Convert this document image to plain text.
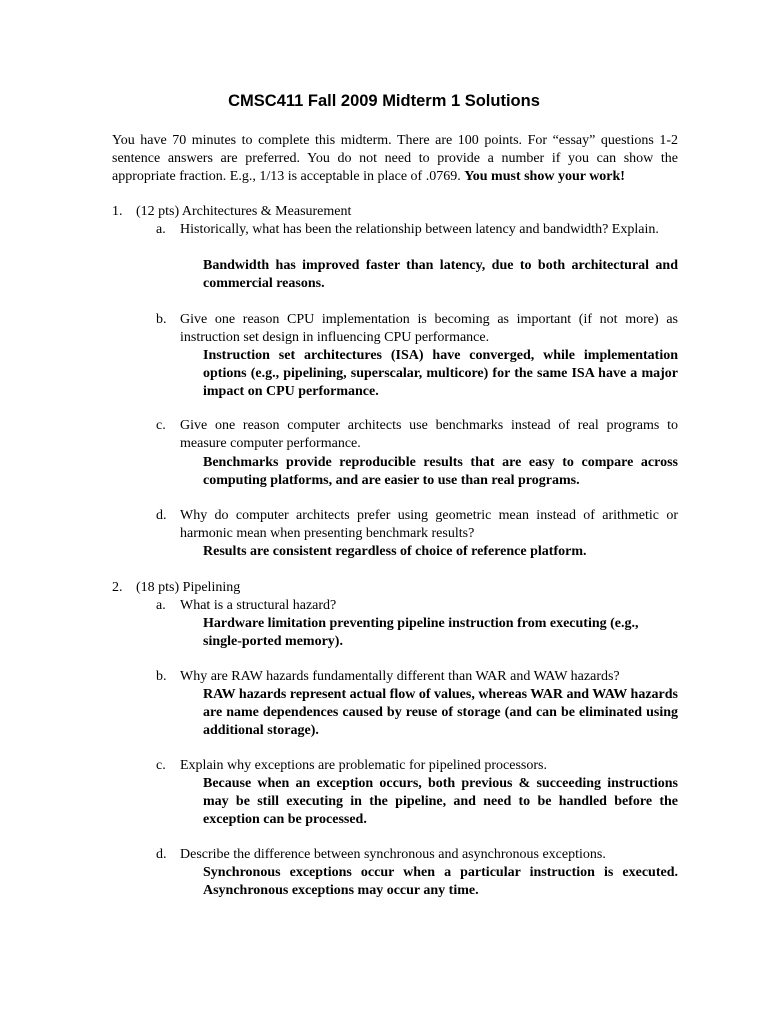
CMSC411 Fall 2009 Midterm 1 Solutions

You have 70 minutes to complete this midterm. There are 100 points. For “essay” questions 1-2 sentence answers are preferred. You do not need to provide a number if you can show the appropriate fraction. E.g., 1/13 is acceptable in place of .0769. You must show your work!

1. (12 pts) Architectures & Measurement
a. Historically, what has been the relationship between latency and bandwidth? Explain.

Bandwidth has improved faster than latency, due to both architectural and commercial reasons.

b. Give one reason CPU implementation is becoming as important (if not more) as instruction set design in influencing CPU performance.

Instruction set architectures (ISA) have converged, while implementation options (e.g., pipelining, superscalar, multicore) for the same ISA have a major impact on CPU performance.

c. Give one reason computer architects use benchmarks instead of real programs to measure computer performance.

Benchmarks provide reproducible results that are easy to compare across computing platforms, and are easier to use than real programs.

d. Why do computer architects prefer using geometric mean instead of arithmetic or harmonic mean when presenting benchmark results?

Results are consistent regardless of choice of reference platform.

2. (18 pts) Pipelining
a. What is a structural hazard?

Hardware limitation preventing pipeline instruction from executing (e.g., single-ported memory).

b. Why are RAW hazards fundamentally different than WAR and WAW hazards?

RAW hazards represent actual flow of values, whereas WAR and WAW hazards are name dependences caused by reuse of storage (and can be eliminated using additional storage).

c. Explain why exceptions are problematic for pipelined processors.

Because when an exception occurs, both previous & succeeding instructions may be still executing in the pipeline, and need to be handled before the exception can be processed.

d. Describe the difference between synchronous and asynchronous exceptions.

Synchronous exceptions occur when a particular instruction is executed. Asynchronous exceptions may occur any time.
